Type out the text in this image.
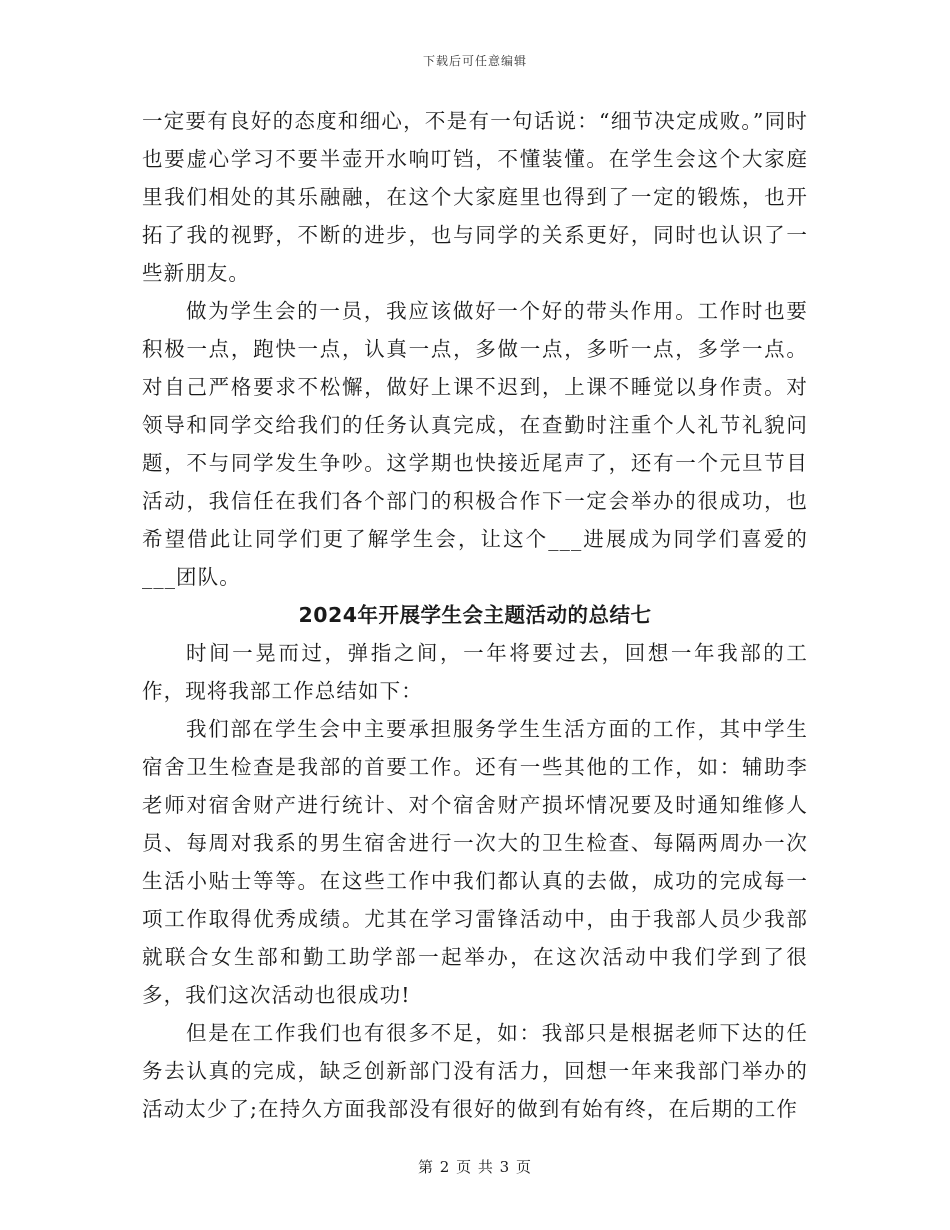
下载后可任意编辑

一定要有良好的态度和细心，不是有一句话说：“细节决定成败。”同时也要虚心学习不要半壶开水响叮铛，不懂装懂。在学生会这个大家庭里我们相处的其乐融融，在这个大家庭里也得到了一定的锻炼，也开拓了我的视野，不断的进步，也与同学的关系更好，同时也认识了一些新朋友。

做为学生会的一员，我应该做好一个好的带头作用。工作时也要积极一点，跑快一点，认真一点，多做一点，多听一点，多学一点。对自己严格要求不松懈，做好上课不迟到，上课不睡觉以身作责。对领导和同学交给我们的任务认真完成，在查勤时注重个人礼节礼貌问题，不与同学发生争吵。这学期也快接近尾声了，还有一个元旦节目活动，我信任在我们各个部门的积极合作下一定会举办的很成功，也希望借此让同学们更了解学生会，让这个___进展成为同学们喜爱的___团队。

2024年开展学生会主题活动的总结七

时间一晃而过，弹指之间，一年将要过去，回想一年我部的工作，现将我部工作总结如下：

我们部在学生会中主要承担服务学生生活方面的工作，其中学生宿舍卫生检查是我部的首要工作。还有一些其他的工作，如：辅助李老师对宿舍财产进行统计、对个宿舍财产损坏情况要及时通知维修人员、每周对我系的男生宿舍进行一次大的卫生检查、每隔两周办一次生活小贴士等等。在这些工作中我们都认真的去做，成功的完成每一项工作取得优秀成绩。尤其在学习雷锋活动中，由于我部人员少我部就联合女生部和勤工助学部一起举办，在这次活动中我们学到了很多，我们这次活动也很成功!

但是在工作我们也有很多不足，如：我部只是根据老师下达的任务去认真的完成，缺乏创新部门没有活力，回想一年来我部门举办的活动太少了;在持久方面我部没有很好的做到有始有终，在后期的工作

第 2 页 共 3 页
